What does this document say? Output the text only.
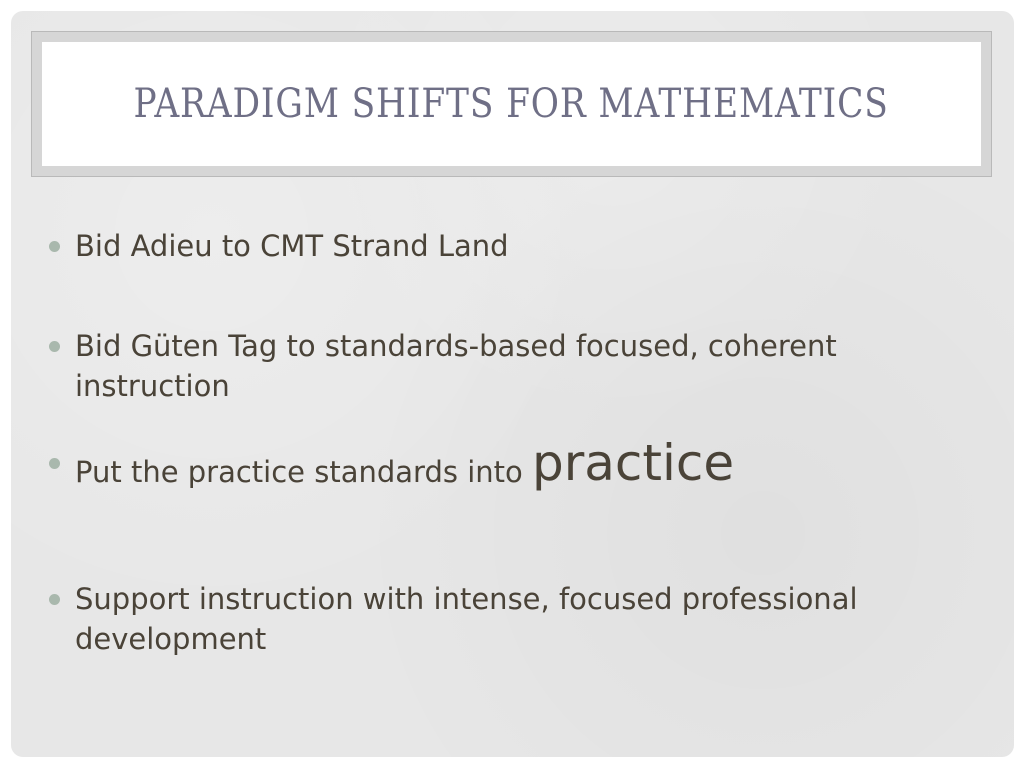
PARADIGM SHIFTS FOR MATHEMATICS
Bid Adieu to CMT Strand Land
Bid Güten Tag to standards-based focused, coherent instruction
Put the practice standards into practice
Support instruction with intense, focused professional development
